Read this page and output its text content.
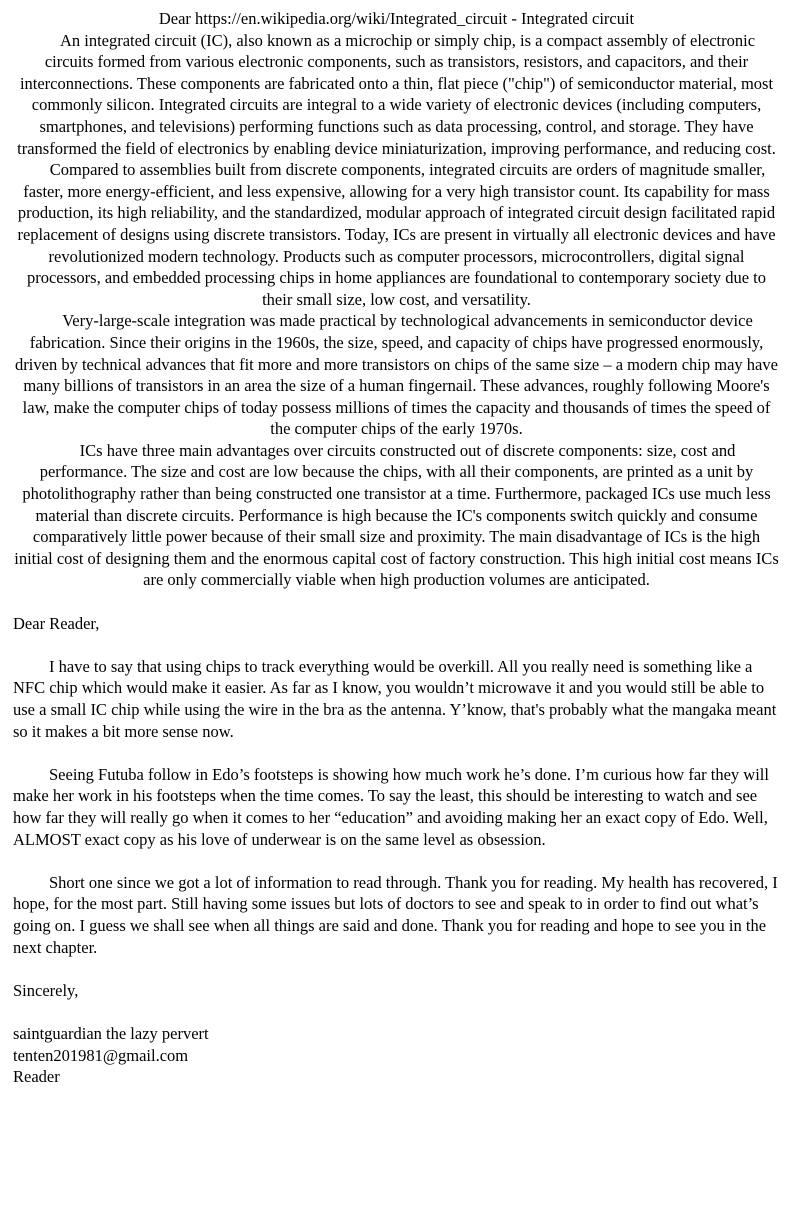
Dear https://en.wikipedia.org/wiki/Integrated_circuit - Integrated circuit

An integrated circuit (IC), also known as a microchip or simply chip, is a compact assembly of electronic circuits formed from various electronic components, such as transistors, resistors, and capacitors, and their interconnections. These components are fabricated onto a thin, flat piece ("chip") of semiconductor material, most commonly silicon. Integrated circuits are integral to a wide variety of electronic devices (including computers, smartphones, and televisions) performing functions such as data processing, control, and storage. They have transformed the field of electronics by enabling device miniaturization, improving performance, and reducing cost.

Compared to assemblies built from discrete components, integrated circuits are orders of magnitude smaller, faster, more energy-efficient, and less expensive, allowing for a very high transistor count. Its capability for mass production, its high reliability, and the standardized, modular approach of integrated circuit design facilitated rapid replacement of designs using discrete transistors. Today, ICs are present in virtually all electronic devices and have revolutionized modern technology. Products such as computer processors, microcontrollers, digital signal processors, and embedded processing chips in home appliances are foundational to contemporary society due to their small size, low cost, and versatility.

Very-large-scale integration was made practical by technological advancements in semiconductor device fabrication. Since their origins in the 1960s, the size, speed, and capacity of chips have progressed enormously, driven by technical advances that fit more and more transistors on chips of the same size – a modern chip may have many billions of transistors in an area the size of a human fingernail. These advances, roughly following Moore's law, make the computer chips of today possess millions of times the capacity and thousands of times the speed of the computer chips of the early 1970s.

ICs have three main advantages over circuits constructed out of discrete components: size, cost and performance. The size and cost are low because the chips, with all their components, are printed as a unit by photolithography rather than being constructed one transistor at a time. Furthermore, packaged ICs use much less material than discrete circuits. Performance is high because the IC's components switch quickly and consume comparatively little power because of their small size and proximity. The main disadvantage of ICs is the high initial cost of designing them and the enormous capital cost of factory construction. This high initial cost means ICs are only commercially viable when high production volumes are anticipated.

Dear Reader,

I have to say that using chips to track everything would be overkill. All you really need is something like a NFC chip which would make it easier. As far as I know, you wouldn’t microwave it and you would still be able to use a small IC chip while using the wire in the bra as the antenna. Y’know, that's probably what the mangaka meant so it makes a bit more sense now.

Seeing Futuba follow in Edo’s footsteps is showing how much work he’s done. I’m curious how far they will make her work in his footsteps when the time comes. To say the least, this should be interesting to watch and see how far they will really go when it comes to her “education” and avoiding making her an exact copy of Edo. Well, ALMOST exact copy as his love of underwear is on the same level as obsession.

Short one since we got a lot of information to read through. Thank you for reading. My health has recovered, I hope, for the most part. Still having some issues but lots of doctors to see and speak to in order to find out what’s going on. I guess we shall see when all things are said and done. Thank you for reading and hope to see you in the next chapter.

Sincerely,

saintguardian the lazy pervert
tenten201981@gmail.com
Reader
